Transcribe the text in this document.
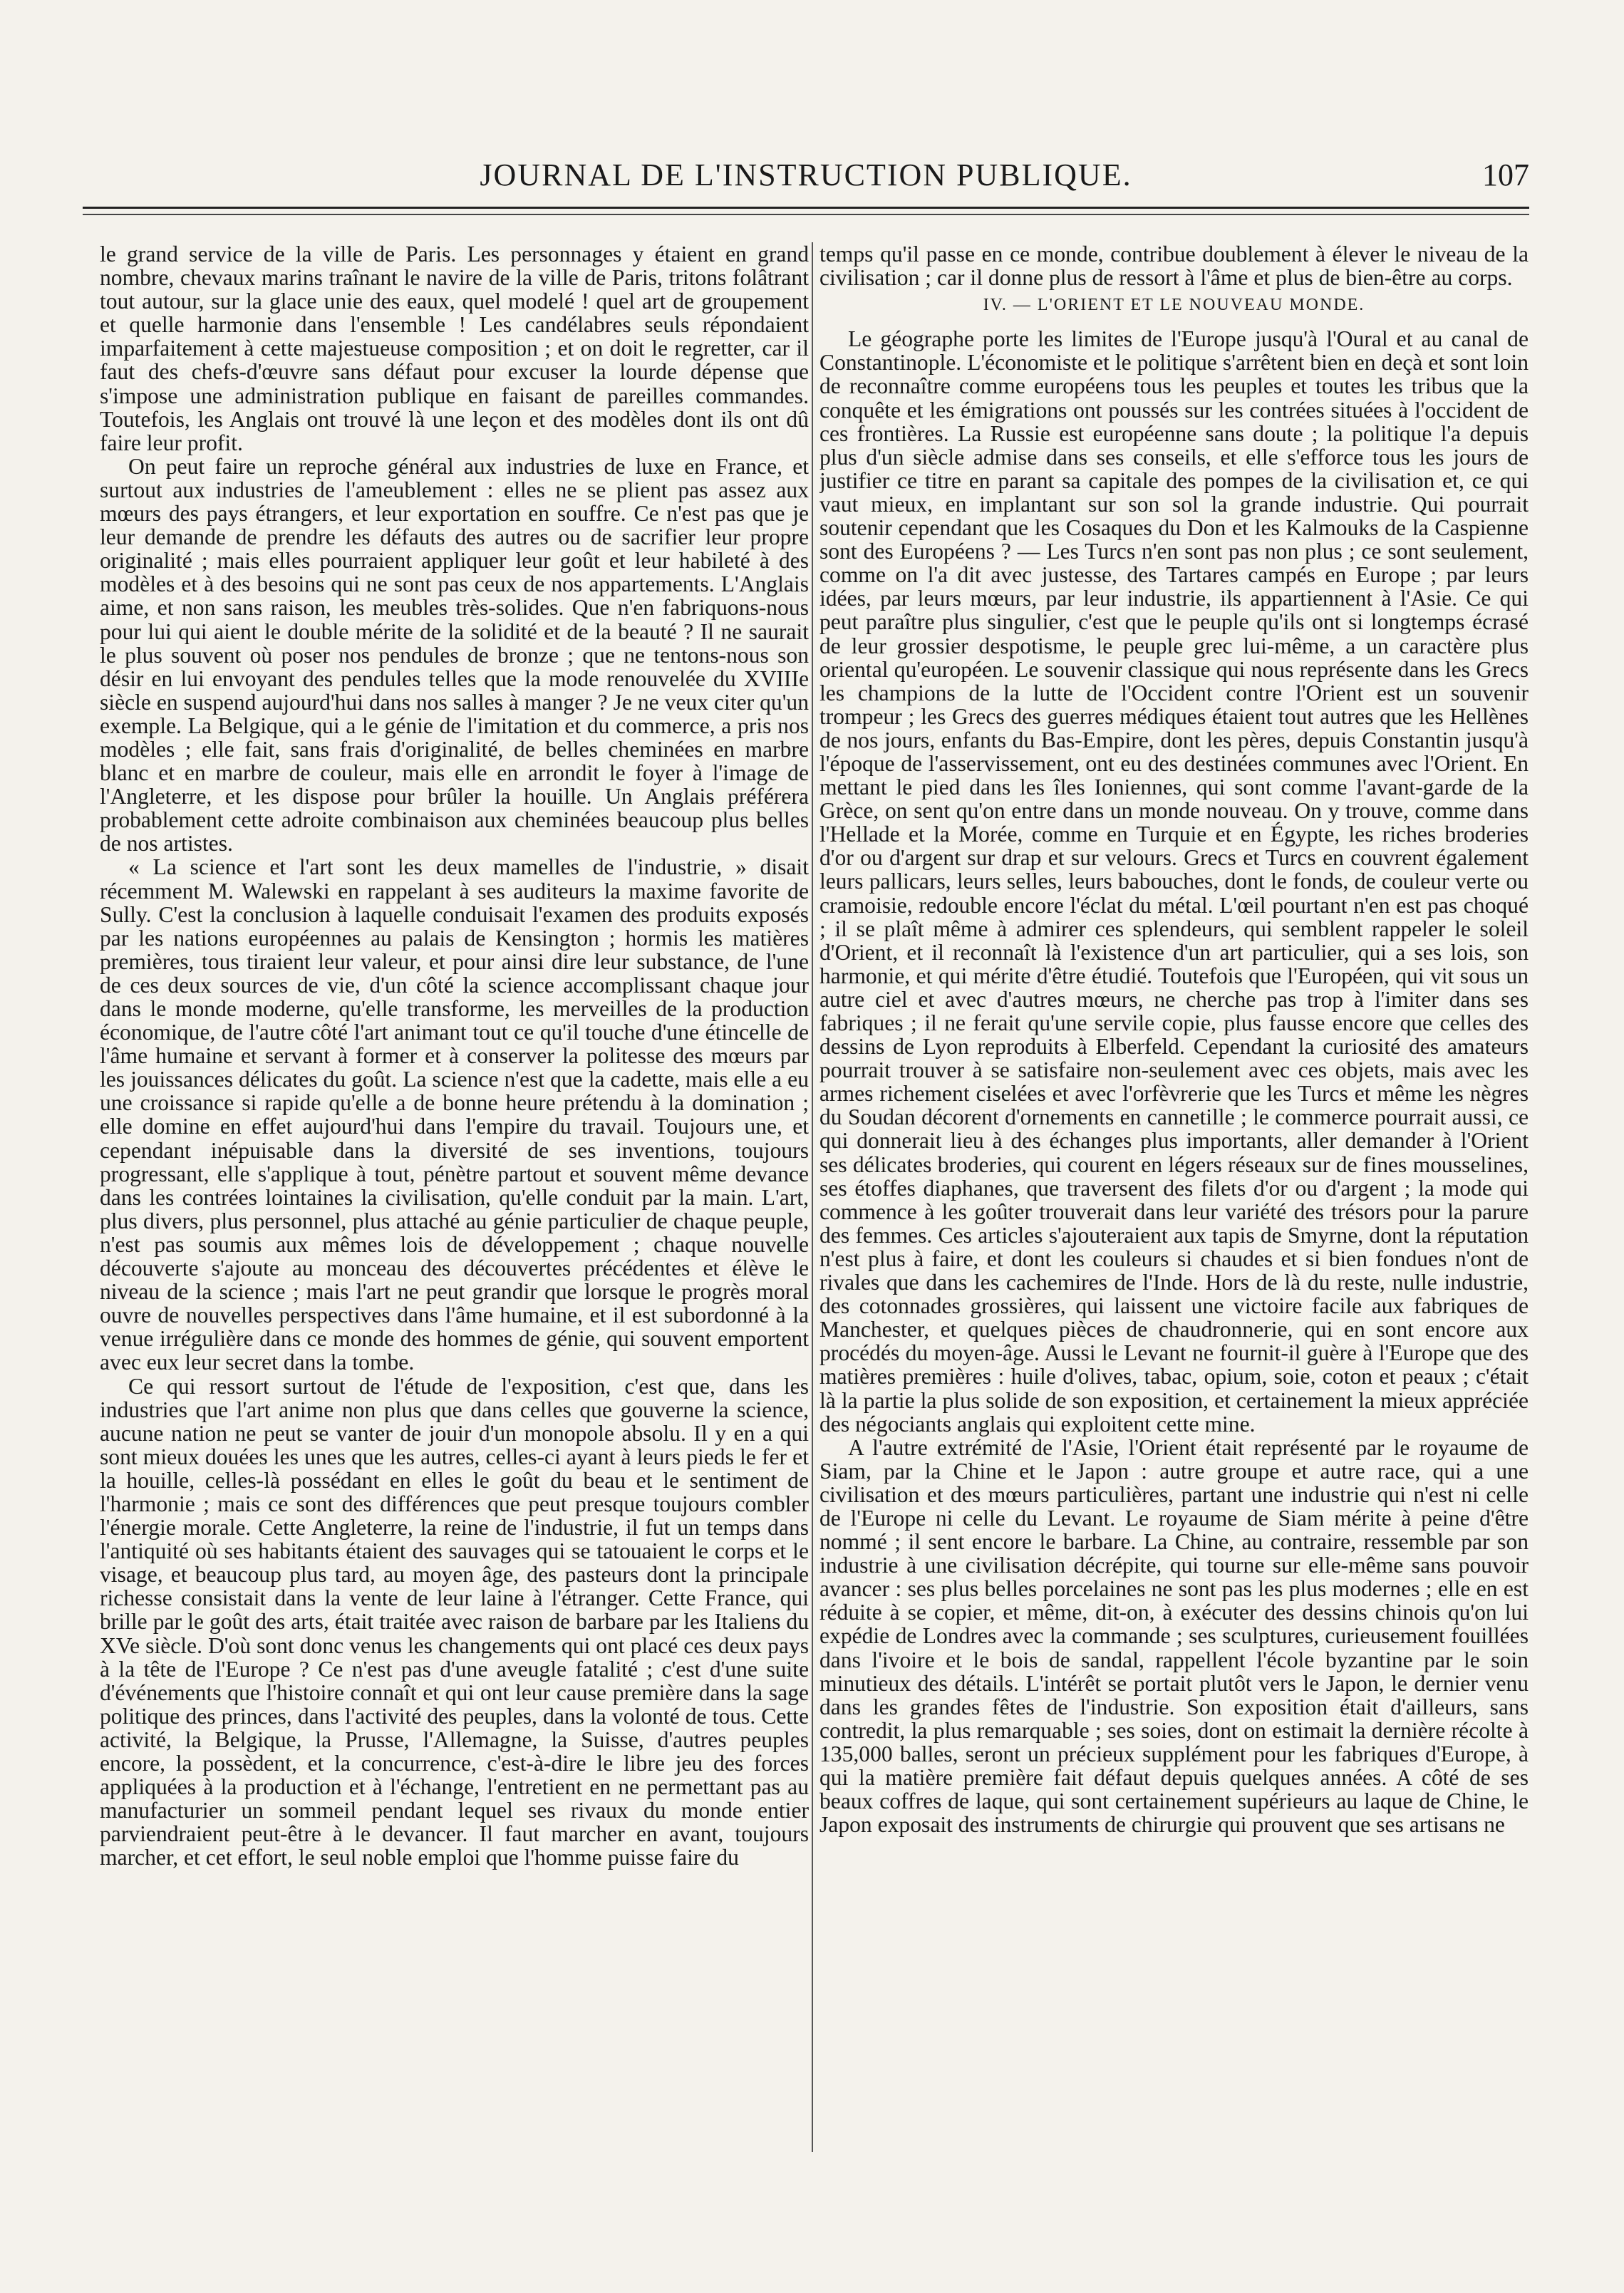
JOURNAL DE L'INSTRUCTION PUBLIQUE.	107

le grand service de la ville de Paris. Les personnages y étaient en grand nombre, chevaux marins traînant le navire de la ville de Paris, tritons folâtrant tout autour, sur la glace unie des eaux, quel modelé ! quel art de groupement et quelle harmonie dans l'ensemble ! Les candélabres seuls répondaient imparfaitement à cette majestueuse composition ; et on doit le regretter, car il faut des chefs-d'œuvre sans défaut pour excuser la lourde dépense que s'impose une administration publique en faisant de pareilles commandes. Toutefois, les Anglais ont trouvé là une leçon et des modèles dont ils ont dû faire leur profit.

On peut faire un reproche général aux industries de luxe en France, et surtout aux industries de l'ameublement : elles ne se plient pas assez aux mœurs des pays étrangers, et leur exportation en souffre. Ce n'est pas que je leur demande de prendre les défauts des autres ou de sacrifier leur propre originalité ; mais elles pourraient appliquer leur goût et leur habileté à des modèles et à des besoins qui ne sont pas ceux de nos appartements. L'Anglais aime, et non sans raison, les meubles très-solides. Que n'en fabriquons-nous pour lui qui aient le double mérite de la solidité et de la beauté ? Il ne saurait le plus souvent où poser nos pendules de bronze ; que ne tentons-nous son désir en lui envoyant des pendules telles que la mode renouvelée du XVIIIe siècle en suspend aujourd'hui dans nos salles à manger ? Je ne veux citer qu'un exemple. La Belgique, qui a le génie de l'imitation et du commerce, a pris nos modèles ; elle fait, sans frais d'originalité, de belles cheminées en marbre blanc et en marbre de couleur, mais elle en arrondit le foyer à l'image de l'Angleterre, et les dispose pour brûler la houille. Un Anglais préférera probablement cette adroite combinaison aux cheminées beaucoup plus belles de nos artistes.

« La science et l'art sont les deux mamelles de l'industrie, » disait récemment M. Walewski en rappelant à ses auditeurs la maxime favorite de Sully. C'est la conclusion à laquelle conduisait l'examen des produits exposés par les nations européennes au palais de Kensington ; hormis les matières premières, tous tiraient leur valeur, et pour ainsi dire leur substance, de l'une de ces deux sources de vie, d'un côté la science accomplissant chaque jour dans le monde moderne, qu'elle transforme, les merveilles de la production économique, de l'autre côté l'art animant tout ce qu'il touche d'une étincelle de l'âme humaine et servant à former et à conserver la politesse des mœurs par les jouissances délicates du goût. La science n'est que la cadette, mais elle a eu une croissance si rapide qu'elle a de bonne heure prétendu à la domination ; elle domine en effet aujourd'hui dans l'empire du travail. Toujours une, et cependant inépuisable dans la diversité de ses inventions, toujours progressant, elle s'applique à tout, pénètre partout et souvent même devance dans les contrées lointaines la civilisation, qu'elle conduit par la main. L'art, plus divers, plus personnel, plus attaché au génie particulier de chaque peuple, n'est pas soumis aux mêmes lois de développement ; chaque nouvelle découverte s'ajoute au monceau des découvertes précédentes et élève le niveau de la science ; mais l'art ne peut grandir que lorsque le progrès moral ouvre de nouvelles perspectives dans l'âme humaine, et il est subordonné à la venue irrégulière dans ce monde des hommes de génie, qui souvent emportent avec eux leur secret dans la tombe.

Ce qui ressort surtout de l'étude de l'exposition, c'est que, dans les industries que l'art anime non plus que dans celles que gouverne la science, aucune nation ne peut se vanter de jouir d'un monopole absolu. Il y en a qui sont mieux douées les unes que les autres, celles-ci ayant à leurs pieds le fer et la houille, celles-là possédant en elles le goût du beau et le sentiment de l'harmonie ; mais ce sont des différences que peut presque toujours combler l'énergie morale. Cette Angleterre, la reine de l'industrie, il fut un temps dans l'antiquité où ses habitants étaient des sauvages qui se tatouaient le corps et le visage, et beaucoup plus tard, au moyen âge, des pasteurs dont la principale richesse consistait dans la vente de leur laine à l'étranger. Cette France, qui brille par le goût des arts, était traitée avec raison de barbare par les Italiens du XVe siècle. D'où sont donc venus les changements qui ont placé ces deux pays à la tête de l'Europe ? Ce n'est pas d'une aveugle fatalité ; c'est d'une suite d'événements que l'histoire connaît et qui ont leur cause première dans la sage politique des princes, dans l'activité des peuples, dans la volonté de tous. Cette activité, la Belgique, la Prusse, l'Allemagne, la Suisse, d'autres peuples encore, la possèdent, et la concurrence, c'est-à-dire le libre jeu des forces appliquées à la production et à l'échange, l'entretient en ne permettant pas au manufacturier un sommeil pendant lequel ses rivaux du monde entier parviendraient peut-être à le devancer. Il faut marcher en avant, toujours marcher, et cet effort, le seul noble emploi que l'homme puisse faire du

temps qu'il passe en ce monde, contribue doublement à élever le niveau de la civilisation ; car il donne plus de ressort à l'âme et plus de bien-être au corps.

IV. — L'ORIENT ET LE NOUVEAU MONDE.

Le géographe porte les limites de l'Europe jusqu'à l'Oural et au canal de Constantinople. L'économiste et le politique s'arrêtent bien en deçà et sont loin de reconnaître comme européens tous les peuples et toutes les tribus que la conquête et les émigrations ont poussés sur les contrées situées à l'occident de ces frontières. La Russie est européenne sans doute ; la politique l'a depuis plus d'un siècle admise dans ses conseils, et elle s'efforce tous les jours de justifier ce titre en parant sa capitale des pompes de la civilisation et, ce qui vaut mieux, en implantant sur son sol la grande industrie. Qui pourrait soutenir cependant que les Cosaques du Don et les Kalmouks de la Caspienne sont des Européens ? — Les Turcs n'en sont pas non plus ; ce sont seulement, comme on l'a dit avec justesse, des Tartares campés en Europe ; par leurs idées, par leurs mœurs, par leur industrie, ils appartiennent à l'Asie. Ce qui peut paraître plus singulier, c'est que le peuple qu'ils ont si longtemps écrasé de leur grossier despotisme, le peuple grec lui-même, a un caractère plus oriental qu'européen. Le souvenir classique qui nous représente dans les Grecs les champions de la lutte de l'Occident contre l'Orient est un souvenir trompeur ; les Grecs des guerres médiques étaient tout autres que les Hellènes de nos jours, enfants du Bas-Empire, dont les pères, depuis Constantin jusqu'à l'époque de l'asservissement, ont eu des destinées communes avec l'Orient. En mettant le pied dans les îles Ioniennes, qui sont comme l'avant-garde de la Grèce, on sent qu'on entre dans un monde nouveau. On y trouve, comme dans l'Hellade et la Morée, comme en Turquie et en Égypte, les riches broderies d'or ou d'argent sur drap et sur velours. Grecs et Turcs en couvrent également leurs pallicars, leurs selles, leurs babouches, dont le fonds, de couleur verte ou cramoisie, redouble encore l'éclat du métal. L'œil pourtant n'en est pas choqué ; il se plaît même à admirer ces splendeurs, qui semblent rappeler le soleil d'Orient, et il reconnaît là l'existence d'un art particulier, qui a ses lois, son harmonie, et qui mérite d'être étudié. Toutefois que l'Européen, qui vit sous un autre ciel et avec d'autres mœurs, ne cherche pas trop à l'imiter dans ses fabriques ; il ne ferait qu'une servile copie, plus fausse encore que celles des dessins de Lyon reproduits à Elberfeld. Cependant la curiosité des amateurs pourrait trouver à se satisfaire non-seulement avec ces objets, mais avec les armes richement ciselées et avec l'orfèvrerie que les Turcs et même les nègres du Soudan décorent d'ornements en cannetille ; le commerce pourrait aussi, ce qui donnerait lieu à des échanges plus importants, aller demander à l'Orient ses délicates broderies, qui courent en légers réseaux sur de fines mousselines, ses étoffes diaphanes, que traversent des filets d'or ou d'argent ; la mode qui commence à les goûter trouverait dans leur variété des trésors pour la parure des femmes. Ces articles s'ajouteraient aux tapis de Smyrne, dont la réputation n'est plus à faire, et dont les couleurs si chaudes et si bien fondues n'ont de rivales que dans les cachemires de l'Inde. Hors de là du reste, nulle industrie, des cotonnades grossières, qui laissent une victoire facile aux fabriques de Manchester, et quelques pièces de chaudronnerie, qui en sont encore aux procédés du moyen-âge. Aussi le Levant ne fournit-il guère à l'Europe que des matières premières : huile d'olives, tabac, opium, soie, coton et peaux ; c'était là la partie la plus solide de son exposition, et certainement la mieux appréciée des négociants anglais qui exploitent cette mine.

A l'autre extrémité de l'Asie, l'Orient était représenté par le royaume de Siam, par la Chine et le Japon : autre groupe et autre race, qui a une civilisation et des mœurs particulières, partant une industrie qui n'est ni celle de l'Europe ni celle du Levant. Le royaume de Siam mérite à peine d'être nommé ; il sent encore le barbare. La Chine, au contraire, ressemble par son industrie à une civilisation décrépite, qui tourne sur elle-même sans pouvoir avancer : ses plus belles porcelaines ne sont pas les plus modernes ; elle en est réduite à se copier, et même, dit-on, à exécuter des dessins chinois qu'on lui expédie de Londres avec la commande ; ses sculptures, curieusement fouillées dans l'ivoire et le bois de sandal, rappellent l'école byzantine par le soin minutieux des détails. L'intérêt se portait plutôt vers le Japon, le dernier venu dans les grandes fêtes de l'industrie. Son exposition était d'ailleurs, sans contredit, la plus remarquable ; ses soies, dont on estimait la dernière récolte à 135,000 balles, seront un précieux supplément pour les fabriques d'Europe, à qui la matière première fait défaut depuis quelques années. A côté de ses beaux coffres de laque, qui sont certainement supérieurs au laque de Chine, le Japon exposait des instruments de chirurgie qui prouvent que ses artisans ne
